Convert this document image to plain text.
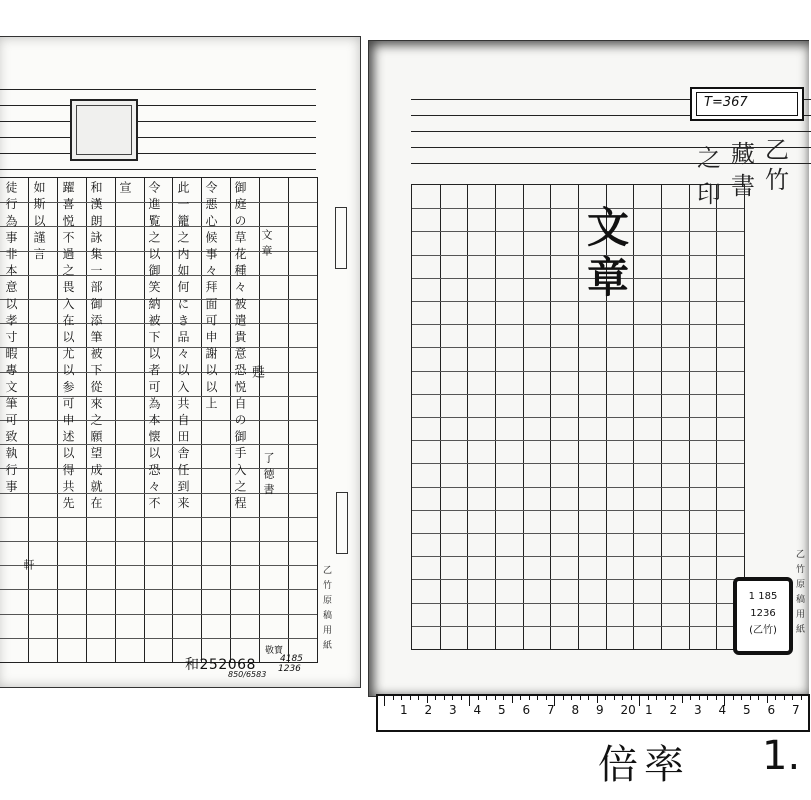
徒行為事非本意以孝寸暇專文筆可致執行事 如斯以謹言 躍喜悦不過之畏入在以尤以参可申述以得共先 和漢朗詠集一部御添筆被下從來之願望成就在 宣 令進覧之以御笑納被下以者可為本懐以恐々不 此一籠之内如何にき品々以入共自田舎任到来 令悪心候事々拜面可申謝以以上 御庭の草花種々被遣貴意恐悦自の御手入之程 文章
了徳書
甦
軒	乙竹原稿用紙
和252068
敬寶
4185
1236
850/6583
乙竹原稿用紙
T=367
乙
竹
藏
書
之
印
文章
1 185
1236
(乙竹)
1 2 3 4 5 6 7 8 9 20 1 2 3 4 5 6 7
倍率 1.
